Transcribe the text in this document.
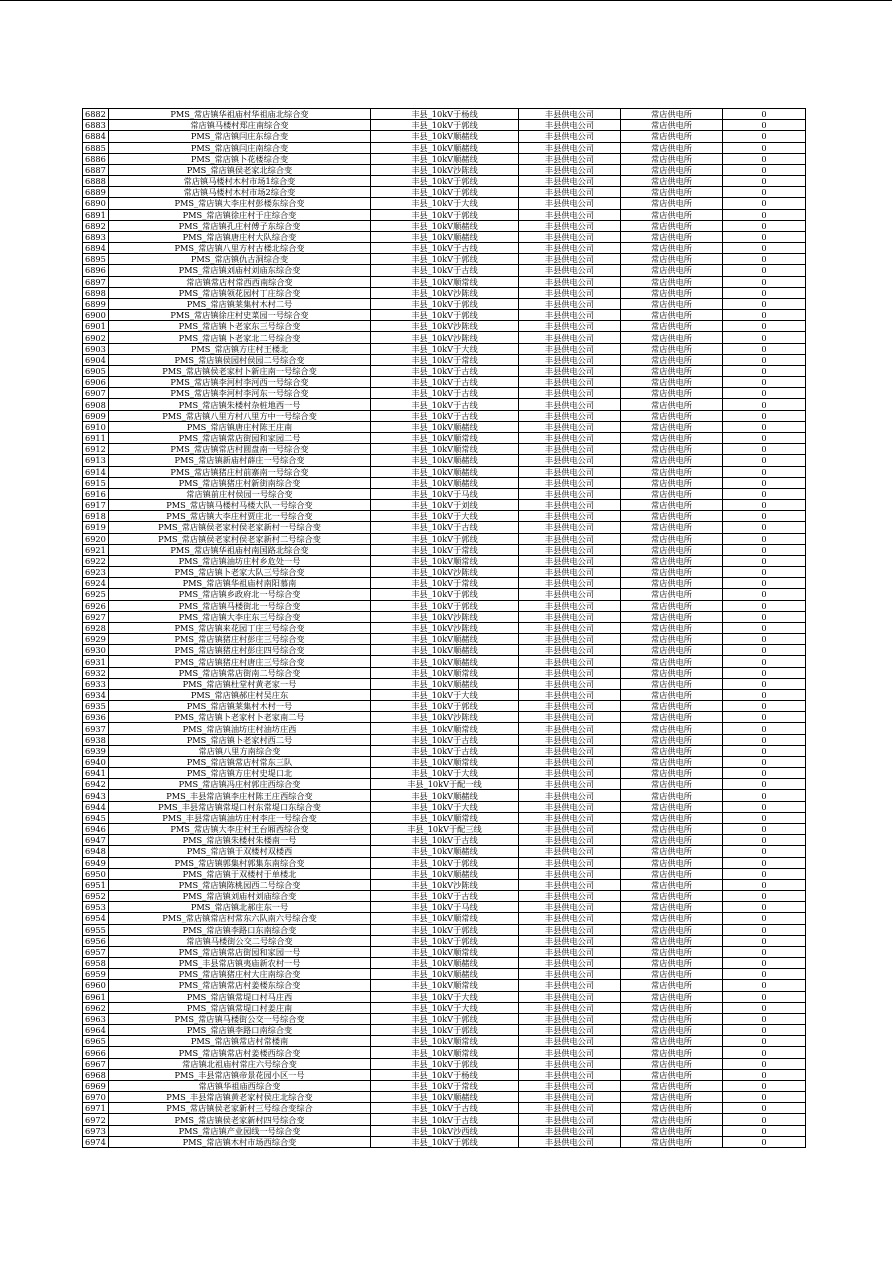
6882	PMS_常店镇华祖庙村华祖庙北综合变	丰县_10kV于杨线	丰县供电公司	常店供电所	0
6883	常店镇马楼村郑庄南综合变	丰县_10kV于郭线	丰县供电公司	常店供电所	0
6884	PMS_常店镇闫庄东综合变	丰县_10kV顺赭线	丰县供电公司	常店供电所	0
6885	PMS_常店镇闫庄南综合变	丰县_10kV顺赭线	丰县供电公司	常店供电所	0
6886	PMS_常店镇卜花楼综合变	丰县_10kV顺赭线	丰县供电公司	常店供电所	0
6887	PMS_常店镇侯老家北综合变	丰县_10kV沙陈线	丰县供电公司	常店供电所	0
6888	常店镇马楼村木村市场1综合变	丰县_10kV于郭线	丰县供电公司	常店供电所	0
6889	常店镇马楼村木村市场2综合变	丰县_10kV于郭线	丰县供电公司	常店供电所	0
6890	PMS_常店镇大李庄村彭楼东综合变	丰县_10kV于大线	丰县供电公司	常店供电所	0
6891	PMS_常店镇徐庄村于庄综合变	丰县_10kV于郭线	丰县供电公司	常店供电所	0
6892	PMS_常店镇孔庄村傅子东综合变	丰县_10kV顺赭线	丰县供电公司	常店供电所	0
6893	PMS_常店镇唐庄村大队综合变	丰县_10kV顺赭线	丰县供电公司	常店供电所	0
6894	PMS_常店镇八里方村古楼北综合变	丰县_10kV于古线	丰县供电公司	常店供电所	0
6895	PMS_常店镇仇古洞综合变	丰县_10kV于郭线	丰县供电公司	常店供电所	0
6896	PMS_常店镇刘庙村刘庙东综合变	丰县_10kV于古线	丰县供电公司	常店供电所	0
6897	常店镇常店村常西西南综合变	丰县_10kV顺常线	丰县供电公司	常店供电所	0
6898	PMS_常店镇领花园村丁庄综合变	丰县_10kV沙陈线	丰县供电公司	常店供电所	0
6899	PMS_常店镇莱集村木村二号	丰县_10kV于郭线	丰县供电公司	常店供电所	0
6900	PMS_常店镇徐庄村史菜园一号综合变	丰县_10kV于郭线	丰县供电公司	常店供电所	0
6901	PMS_常店镇卜老家东三号综合变	丰县_10kV沙陈线	丰县供电公司	常店供电所	0
6902	PMS_常店镇卜老家北二号综合变	丰县_10kV沙陈线	丰县供电公司	常店供电所	0
6903	PMS_常店镇方庄村王楼北	丰县_10kV于大线	丰县供电公司	常店供电所	0
6904	PMS_常店镇侯园村侯园二号综合变	丰县_10kV于常线	丰县供电公司	常店供电所	0
6905	PMS_常店镇侯老家村卜新庄南一号综合变	丰县_10kV于古线	丰县供电公司	常店供电所	0
6906	PMS_常店镇李河村李河西一号综合变	丰县_10kV于古线	丰县供电公司	常店供电所	0
6907	PMS_常店镇李河村李河东一号综合变	丰县_10kV于古线	丰县供电公司	常店供电所	0
6908	PMS_常店镇朱楼村杂桩地西一号	丰县_10kV于古线	丰县供电公司	常店供电所	0
6909	PMS_常店镇八里方村八里方中一号综合变	丰县_10kV于古线	丰县供电公司	常店供电所	0
6910	PMS_常店镇唐庄村陈王庄南	丰县_10kV顺赭线	丰县供电公司	常店供电所	0
6911	PMS_常店镇常店街园和家园二号	丰县_10kV顺常线	丰县供电公司	常店供电所	0
6912	PMS_常店镇常店村圆盘南一号综合变	丰县_10kV顺常线	丰县供电公司	常店供电所	0
6913	PMS_常店镇新庙村薛庄一号综合变	丰县_10kV顺赭线	丰县供电公司	常店供电所	0
6914	PMS_常店镇猪庄村前寨南一号综合变	丰县_10kV顺赭线	丰县供电公司	常店供电所	0
6915	PMS_常店镇猪庄村新街南综合变	丰县_10kV顺赭线	丰县供电公司	常店供电所	0
6916	常店镇前庄村侯园一号综合变	丰县_10kV于马线	丰县供电公司	常店供电所	0
6917	PMS_常店镇马楼村马楼大队一号综合变	丰县_10kV于刘线	丰县供电公司	常店供电所	0
6918	PMS_常店镇大李庄村贾庄北一号综合变	丰县_10kV于大线	丰县供电公司	常店供电所	0
6919	PMS_常店镇侯老家村侯老家新村一号综合变	丰县_10kV于古线	丰县供电公司	常店供电所	0
6920	PMS_常店镇侯老家村侯老家新村二号综合变	丰县_10kV于郭线	丰县供电公司	常店供电所	0
6921	PMS_常店镇华祖庙村南国路北综合变	丰县_10kV于常线	丰县供电公司	常店供电所	0
6922	PMS_常店镇油坊庄村乡危处一号	丰县_10kV顺常线	丰县供电公司	常店供电所	0
6923	PMS_常店镇卜老家大队三号综合变	丰县_10kV沙陈线	丰县供电公司	常店供电所	0
6924	PMS_常店镇华祖庙村南阳慕南	丰县_10kV于常线	丰县供电公司	常店供电所	0
6925	PMS_常店镇乡政府北一号综合变	丰县_10kV于郭线	丰县供电公司	常店供电所	0
6926	PMS_常店镇马楼街北一号综合变	丰县_10kV于郭线	丰县供电公司	常店供电所	0
6927	PMS_常店镇大李庄东三号综合变	丰县_10kV沙陈线	丰县供电公司	常店供电所	0
6928	PMS_常店镇来花园丁庄三号综合变	丰县_10kV沙陈线	丰县供电公司	常店供电所	0
6929	PMS_常店镇猪庄村彭庄三号综合变	丰县_10kV顺赭线	丰县供电公司	常店供电所	0
6930	PMS_常店镇猪庄村彭庄四号综合变	丰县_10kV顺赭线	丰县供电公司	常店供电所	0
6931	PMS_常店镇猪庄村唐庄三号综合变	丰县_10kV顺赭线	丰县供电公司	常店供电所	0
6932	PMS_常店镇常店街南二号综合变	丰县_10kV顺常线	丰县供电公司	常店供电所	0
6933	PMS_常店镇杜堂村黄老家一号	丰县_10kV顺赭线	丰县供电公司	常店供电所	0
6934	PMS_常店镇郝庄村吴庄东	丰县_10kV于大线	丰县供电公司	常店供电所	0
6935	PMS_常店镇莱集村木村一号	丰县_10kV于郭线	丰县供电公司	常店供电所	0
6936	PMS_常店镇卜老家村卜老家南二号	丰县_10kV沙陈线	丰县供电公司	常店供电所	0
6937	PMS_常店镇油坊庄村油坊庄西	丰县_10kV顺常线	丰县供电公司	常店供电所	0
6938	PMS_常店镇卜老家村西二号	丰县_10kV于古线	丰县供电公司	常店供电所	0
6939	常店镇八里方南综合变	丰县_10kV于古线	丰县供电公司	常店供电所	0
6940	PMS_常店镇常店村常东三队	丰县_10kV顺常线	丰县供电公司	常店供电所	0
6941	PMS_常店镇方庄村史堤口北	丰县_10kV于大线	丰县供电公司	常店供电所	0
6942	PMS_常店镇冯庄村郭庄西综合变	丰县_10kV于配一线	丰县供电公司	常店供电所	0
6943	PMS_丰县常店镇李庄村陈王庄西综合变	丰县_10kV顺赭线	丰县供电公司	常店供电所	0
6944	PMS_丰县常店镇常堤口村东常堤口东综合变	丰县_10kV于大线	丰县供电公司	常店供电所	0
6945	PMS_丰县常店镇油坊庄村李庄一号综合变	丰县_10kV顺常线	丰县供电公司	常店供电所	0
6946	PMS_常店镇大李庄村王台厢西综合变	丰县_10kV于配三线	丰县供电公司	常店供电所	0
6947	PMS_常店镇朱楼村朱楼南一号	丰县_10kV于古线	丰县供电公司	常店供电所	0
6948	PMS_常店镇于双楼村双楼西	丰县_10kV顺赭线	丰县供电公司	常店供电所	0
6949	PMS_常店镇郭集村郭集东南综合变	丰县_10kV于郭线	丰县供电公司	常店供电所	0
6950	PMS_常店镇于双楼村于单楼北	丰县_10kV顺赭线	丰县供电公司	常店供电所	0
6951	PMS_常店镇陈桃园西二号综合变	丰县_10kV沙陈线	丰县供电公司	常店供电所	0
6952	PMS_常店镇刘庙村刘庙综合变	丰县_10kV于古线	丰县供电公司	常店供电所	0
6953	PMS_常店镇北郝庄东一号	丰县_10kV于马线	丰县供电公司	常店供电所	0
6954	PMS_常店镇常店村常东六队南六号综合变	丰县_10kV顺常线	丰县供电公司	常店供电所	0
6955	PMS_常店镇李路口东南综合变	丰县_10kV于郭线	丰县供电公司	常店供电所	0
6956	常店镇马楼街公交二号综合变	丰县_10kV于郭线	丰县供电公司	常店供电所	0
6957	PMS_常店镇常店街园和家园一号	丰县_10kV顺常线	丰县供电公司	常店供电所	0
6958	PMS_丰县常店镇夷庙新农村一号	丰县_10kV顺赭线	丰县供电公司	常店供电所	0
6959	PMS_常店镇猪庄村大庄南综合变	丰县_10kV顺赭线	丰县供电公司	常店供电所	0
6960	PMS_常店镇常店村姜楼东综合变	丰县_10kV顺常线	丰县供电公司	常店供电所	0
6961	PMS_常店镇常堤口村马庄西	丰县_10kV于大线	丰县供电公司	常店供电所	0
6962	PMS_常店镇常堤口村姜庄南	丰县_10kV于大线	丰县供电公司	常店供电所	0
6963	PMS_常店镇马楼街公交一号综合变	丰县_10kV于郭线	丰县供电公司	常店供电所	0
6964	PMS_常店镇李路口南综合变	丰县_10kV于郭线	丰县供电公司	常店供电所	0
6965	PMS_常店镇常店村常楼南	丰县_10kV顺常线	丰县供电公司	常店供电所	0
6966	PMS_常店镇常店村姜楼西综合变	丰县_10kV顺常线	丰县供电公司	常店供电所	0
6967	常店镇北祖庙村常庄六号综合变	丰县_10kV于郭线	丰县供电公司	常店供电所	0
6968	PMS_丰县常店镇帝景花园小区一号	丰县_10kV于杨线	丰县供电公司	常店供电所	0
6969	常店镇华祖庙西综合变	丰县_10kV于常线	丰县供电公司	常店供电所	0
6970	PMS_丰县常店镇黄老家村侯庄北综合变	丰县_10kV顺赭线	丰县供电公司	常店供电所	0
6971	PMS_常店镇侯老家新村三号综合变综合	丰县_10kV于古线	丰县供电公司	常店供电所	0
6972	PMS_常店镇侯老家新村四号综合变	丰县_10kV于古线	丰县供电公司	常店供电所	0
6973	PMS_常店镇产业园线一号综合变	丰县_10kV沙西线	丰县供电公司	常店供电所	0
6974	PMS_常店镇木村市场西综合变	丰县_10kV于郭线	丰县供电公司	常店供电所	0
